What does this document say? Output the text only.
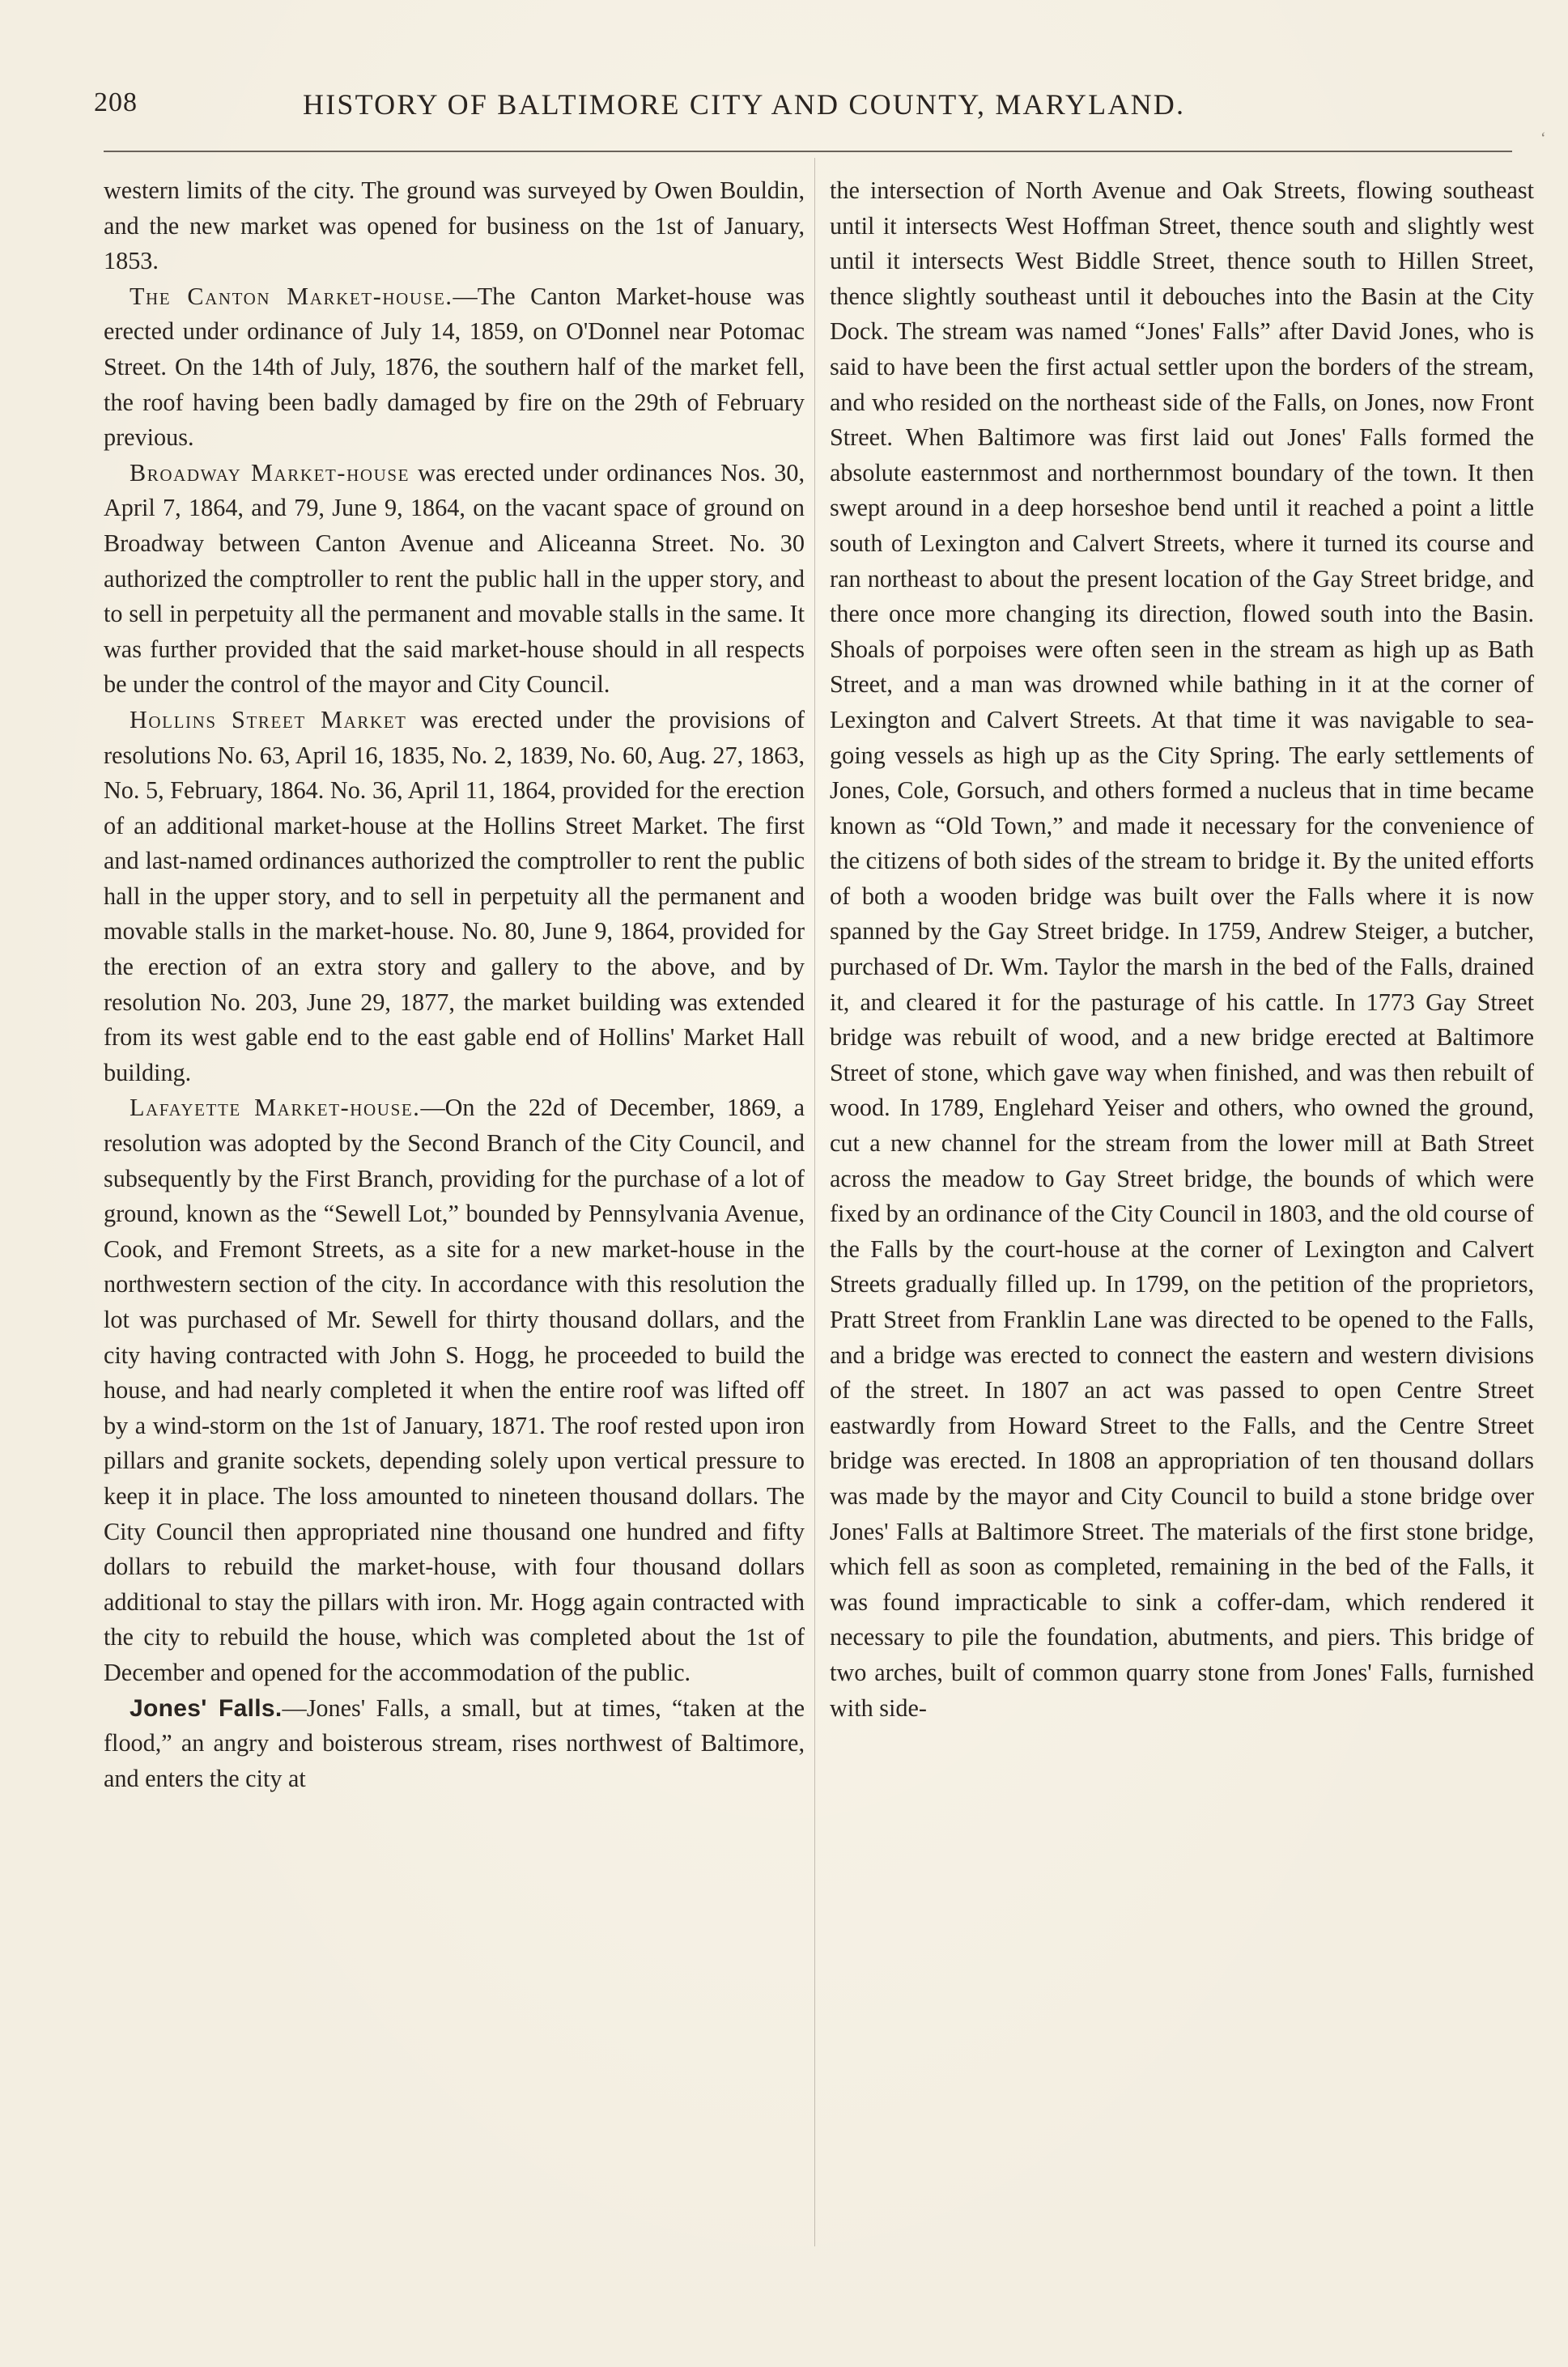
208	HISTORY OF BALTIMORE CITY AND COUNTY, MARYLAND.
‘

western limits of the city. The ground was surveyed by Owen Bouldin, and the new market was opened for business on the 1st of January, 1853.

The Canton Market-house.—The Canton Market-house was erected under ordinance of July 14, 1859, on O'Donnel near Potomac Street. On the 14th of July, 1876, the southern half of the market fell, the roof having been badly damaged by fire on the 29th of February previous.

Broadway Market-house was erected under ordinances Nos. 30, April 7, 1864, and 79, June 9, 1864, on the vacant space of ground on Broadway between Canton Avenue and Aliceanna Street. No. 30 authorized the comptroller to rent the public hall in the upper story, and to sell in perpetuity all the permanent and movable stalls in the same. It was further provided that the said market-house should in all respects be under the control of the mayor and City Council.

Hollins Street Market was erected under the provisions of resolutions No. 63, April 16, 1835, No. 2, 1839, No. 60, Aug. 27, 1863, No. 5, February, 1864. No. 36, April 11, 1864, provided for the erection of an additional market-house at the Hollins Street Market. The first and last-named ordinances authorized the comptroller to rent the public hall in the upper story, and to sell in perpetuity all the permanent and movable stalls in the market-house. No. 80, June 9, 1864, provided for the erection of an extra story and gallery to the above, and by resolution No. 203, June 29, 1877, the market building was extended from its west gable end to the east gable end of Hollins' Market Hall building.

Lafayette Market-house.—On the 22d of December, 1869, a resolution was adopted by the Second Branch of the City Council, and subsequently by the First Branch, providing for the purchase of a lot of ground, known as the “Sewell Lot,” bounded by Pennsylvania Avenue, Cook, and Fremont Streets, as a site for a new market-house in the northwestern section of the city. In accordance with this resolution the lot was purchased of Mr. Sewell for thirty thousand dollars, and the city having contracted with John S. Hogg, he proceeded to build the house, and had nearly completed it when the entire roof was lifted off by a wind-storm on the 1st of January, 1871. The roof rested upon iron pillars and granite sockets, depending solely upon vertical pressure to keep it in place. The loss amounted to nineteen thousand dollars. The City Council then appropriated nine thousand one hundred and fifty dollars to rebuild the market-house, with four thousand dollars additional to stay the pillars with iron. Mr. Hogg again contracted with the city to rebuild the house, which was completed about the 1st of December and opened for the accommodation of the public.

Jones' Falls.—Jones' Falls, a small, but at times, “taken at the flood,” an angry and boisterous stream, rises northwest of Baltimore, and enters the city at

the intersection of North Avenue and Oak Streets, flowing southeast until it intersects West Hoffman Street, thence south and slightly west until it intersects West Biddle Street, thence south to Hillen Street, thence slightly southeast until it debouches into the Basin at the City Dock. The stream was named “Jones' Falls” after David Jones, who is said to have been the first actual settler upon the borders of the stream, and who resided on the northeast side of the Falls, on Jones, now Front Street. When Baltimore was first laid out Jones' Falls formed the absolute easternmost and northernmost boundary of the town. It then swept around in a deep horseshoe bend until it reached a point a little south of Lexington and Calvert Streets, where it turned its course and ran northeast to about the present location of the Gay Street bridge, and there once more changing its direction, flowed south into the Basin. Shoals of porpoises were often seen in the stream as high up as Bath Street, and a man was drowned while bathing in it at the corner of Lexington and Calvert Streets. At that time it was navigable to sea-going vessels as high up as the City Spring. The early settlements of Jones, Cole, Gorsuch, and others formed a nucleus that in time became known as “Old Town,” and made it necessary for the convenience of the citizens of both sides of the stream to bridge it. By the united efforts of both a wooden bridge was built over the Falls where it is now spanned by the Gay Street bridge. In 1759, Andrew Steiger, a butcher, purchased of Dr. Wm. Taylor the marsh in the bed of the Falls, drained it, and cleared it for the pasturage of his cattle. In 1773 Gay Street bridge was rebuilt of wood, and a new bridge erected at Baltimore Street of stone, which gave way when finished, and was then rebuilt of wood. In 1789, Englehard Yeiser and others, who owned the ground, cut a new channel for the stream from the lower mill at Bath Street across the meadow to Gay Street bridge, the bounds of which were fixed by an ordinance of the City Council in 1803, and the old course of the Falls by the court-house at the corner of Lexington and Calvert Streets gradually filled up. In 1799, on the petition of the proprietors, Pratt Street from Franklin Lane was directed to be opened to the Falls, and a bridge was erected to connect the eastern and western divisions of the street. In 1807 an act was passed to open Centre Street eastwardly from Howard Street to the Falls, and the Centre Street bridge was erected. In 1808 an appropriation of ten thousand dollars was made by the mayor and City Council to build a stone bridge over Jones' Falls at Baltimore Street. The materials of the first stone bridge, which fell as soon as completed, remaining in the bed of the Falls, it was found impracticable to sink a coffer-dam, which rendered it necessary to pile the foundation, abutments, and piers. This bridge of two arches, built of common quarry stone from Jones' Falls, furnished with side-
